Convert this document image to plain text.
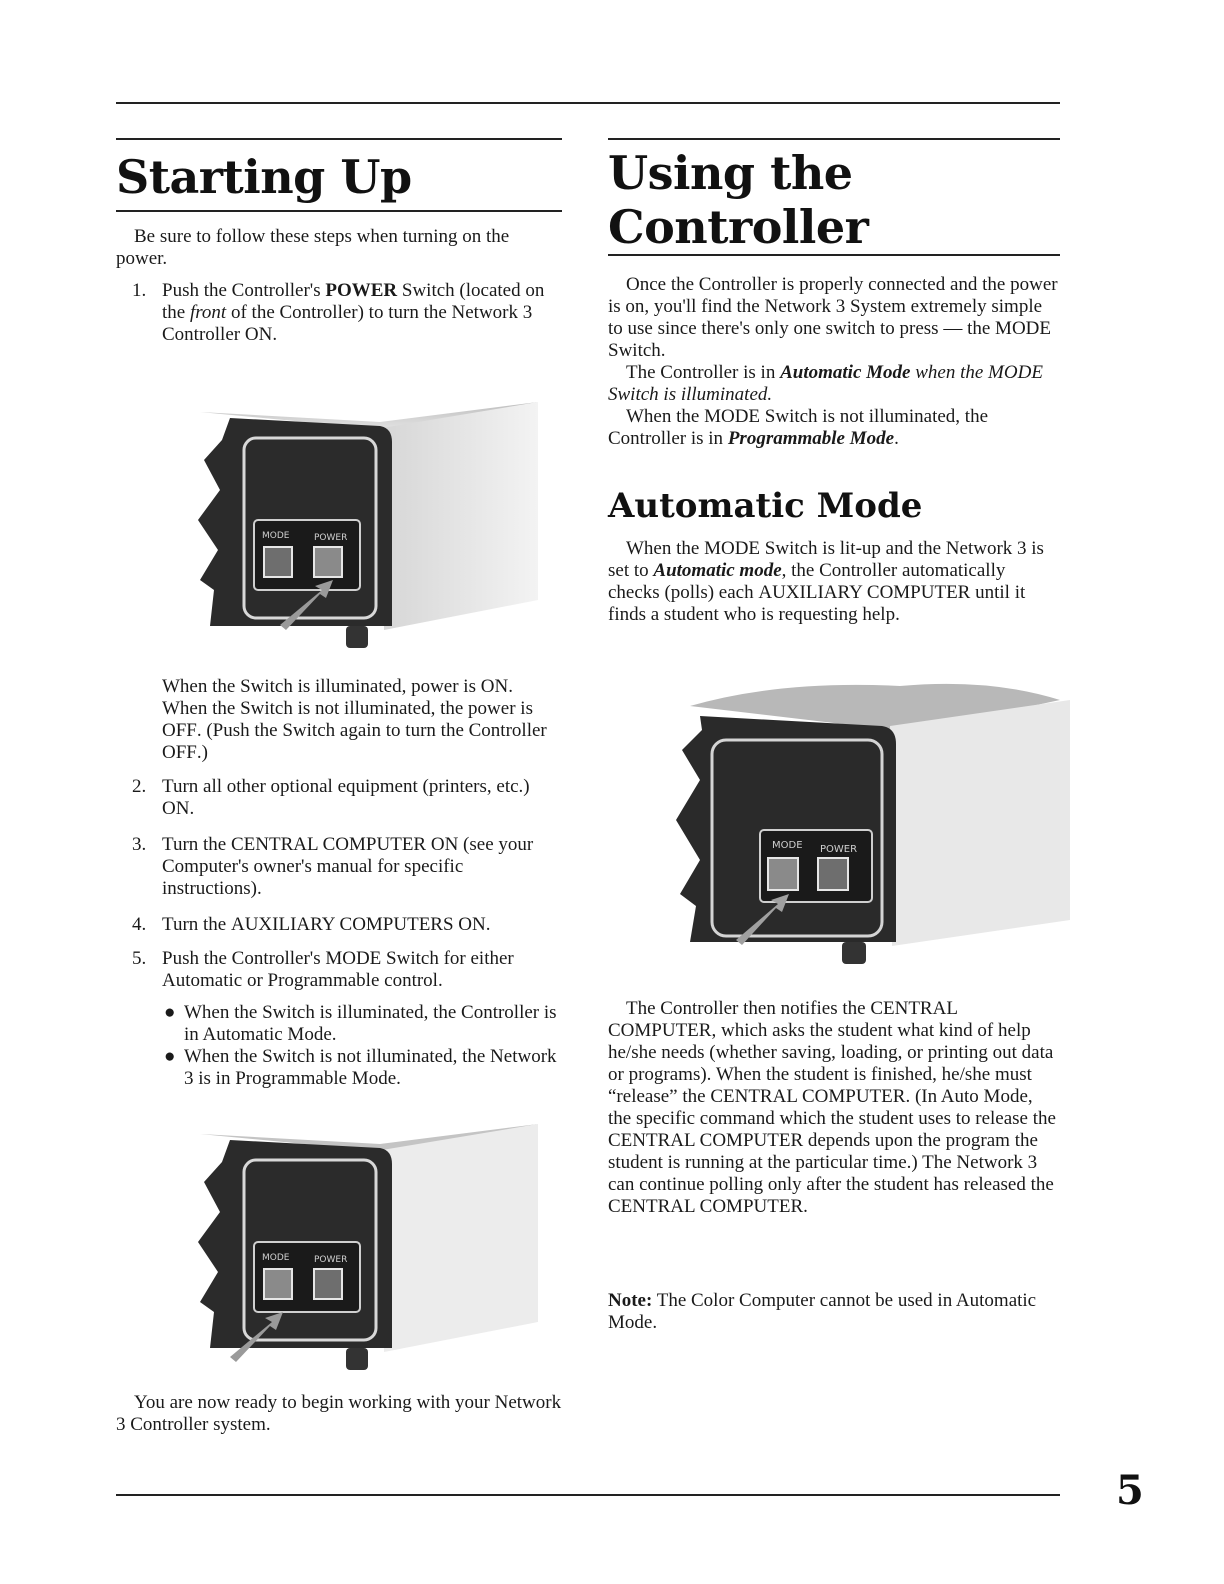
Starting Up

Be sure to follow these steps when turning on the power.

1. Push the Controller's POWER Switch (located on the front of the Controller) to turn the Network 3 Controller ON.
MODE	POWER

When the Switch is illuminated, power is ON. When the Switch is not illuminated, the power is OFF. (Push the Switch again to turn the Controller OFF.)

2. Turn all other optional equipment (printers, etc.) ON.
3. Turn the CENTRAL COMPUTER ON (see your Computer's owner's manual for specific instructions).
4. Turn the AUXILIARY COMPUTERS ON.
5. Push the Controller's MODE Switch for either Automatic or Programmable control.
● When the Switch is illuminated, the Controller is in Automatic Mode.
● When the Switch is not illuminated, the Network 3 is in Programmable Mode.
MODE	POWER

You are now ready to begin working with your Network 3 Controller system.

Using the
Controller

Once the Controller is properly connected and the power is on, you'll find the Network 3 System extremely simple to use since there's only one switch to press — the MODE Switch.

The Controller is in Automatic Mode when the MODE Switch is illuminated.

When the MODE Switch is not illuminated, the Controller is in Programmable Mode.

Automatic Mode

When the MODE Switch is lit-up and the Network 3 is set to Automatic mode, the Controller automatically checks (polls) each AUXILIARY COMPUTER until it finds a student who is requesting help.

MODE POWER

The Controller then notifies the CENTRAL COMPUTER, which asks the student what kind of help he/she needs (whether saving, loading, or printing out data or programs). When the student is finished, he/she must “release” the CENTRAL COMPUTER. (In Auto Mode, the specific command which the student uses to release the CENTRAL COMPUTER depends upon the program the student is running at the particular time.) The Network 3 can continue polling only after the student has released the CENTRAL COMPUTER.

Note: The Color Computer cannot be used in Automatic Mode.

5
